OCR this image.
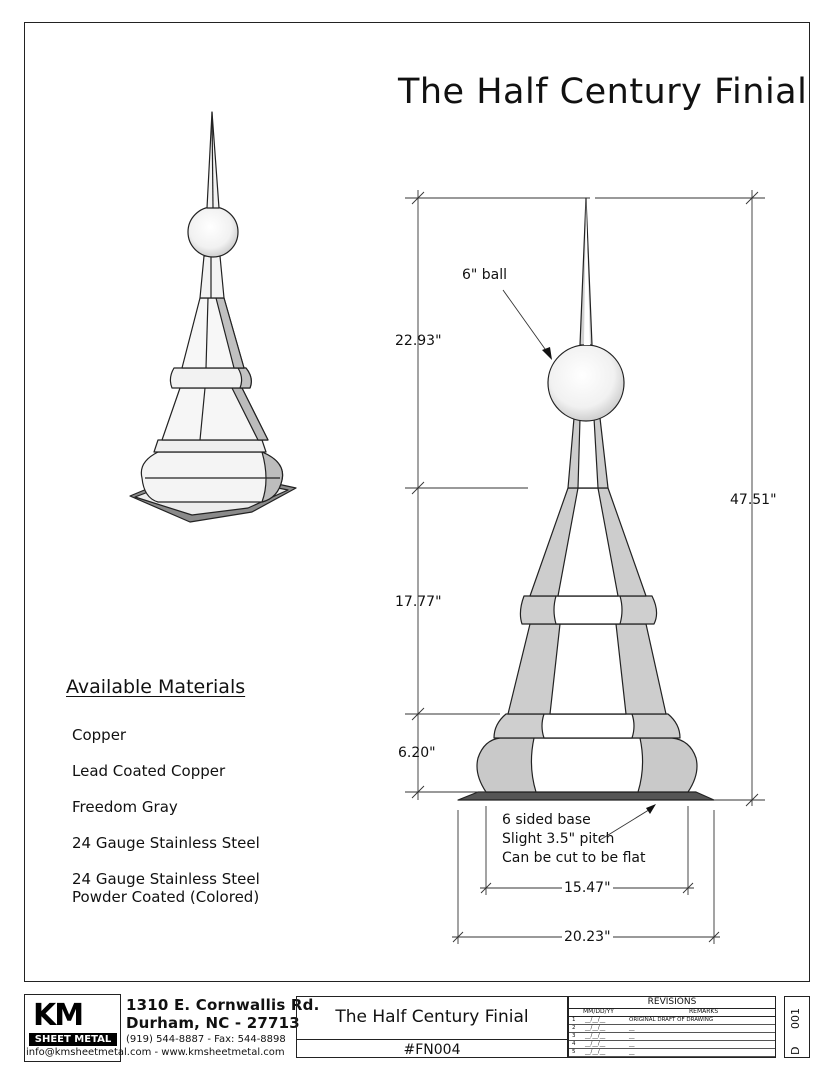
The Half Century Finial
22.93"
17.77"
6.20"
47.51"
15.47"
20.23"
6" ball
6 sided base
Slight 3.5" pitch
Can be cut to be flat
Available Materials
Copper
Lead Coated Copper
Freedom Gray
24 Gauge Stainless Steel
24 Gauge Stainless Steel
Powder Coated (Colored)
KM
SHEET METAL
1310 E. Cornwallis Rd.
Durham, NC - 27713
(919) 544-8887 - Fax: 544-8898
info@kmsheetmetal.com - www.kmsheetmetal.com
The Half Century Finial
#FN004
REVISIONS
MM/DD/YY	REMARKS
1 __/__/__	ORIGINAL DRAFT OF DRAWING
2 __/__/__	__
3 __/__/__	__
4 __/__/__	__
5 __/__/__	__
001
D
